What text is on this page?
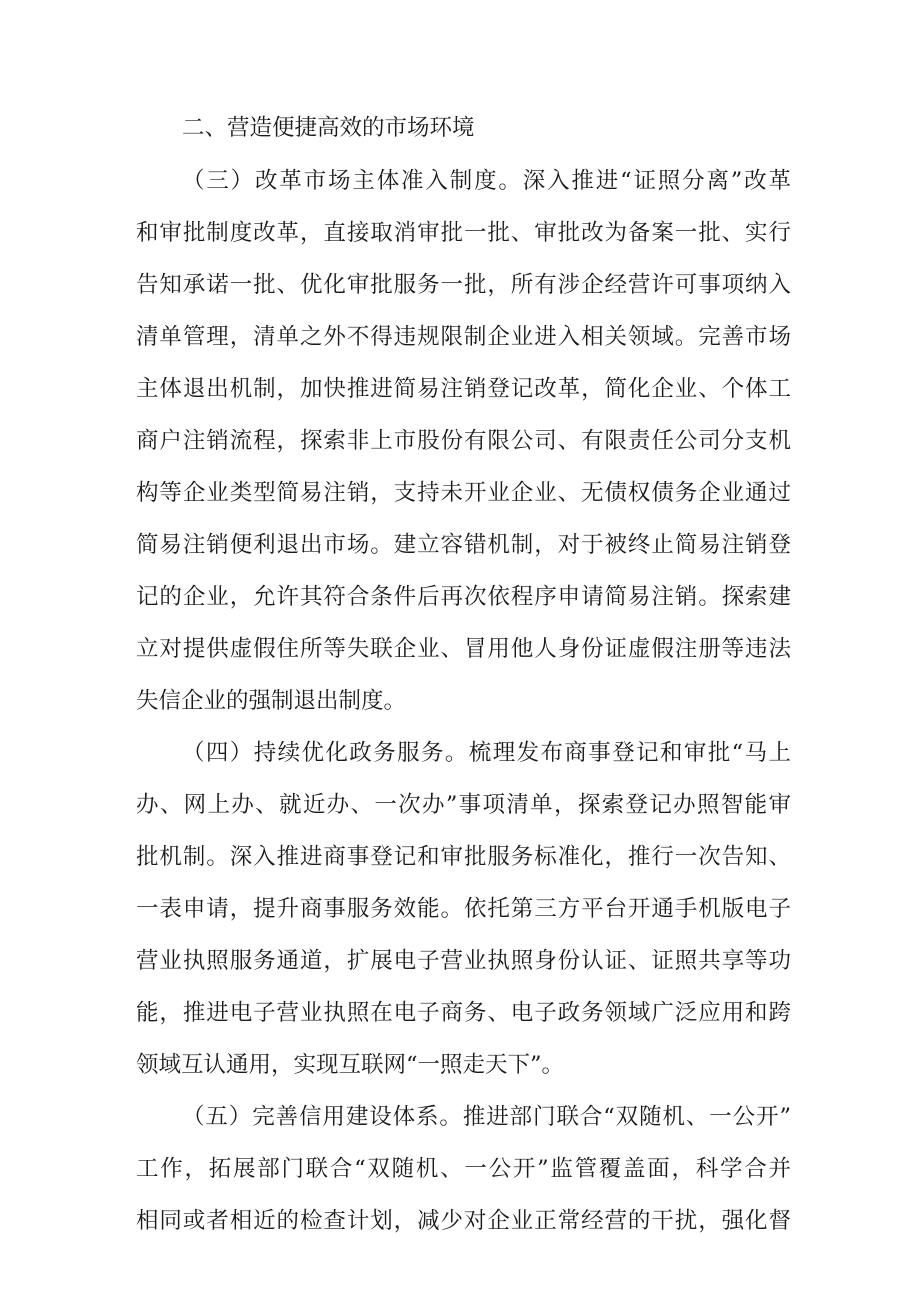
二、营造便捷高效的市场环境
（三）改革市场主体准入制度。深入推进“证照分离”改革
和审批制度改革，直接取消审批一批、审批改为备案一批、实行
告知承诺一批、优化审批服务一批，所有涉企经营许可事项纳入
清单管理，清单之外不得违规限制企业进入相关领域。完善市场
主体退出机制，加快推进简易注销登记改革，简化企业、个体工
商户注销流程，探索非上市股份有限公司、有限责任公司分支机
构等企业类型简易注销，支持未开业企业、无债权债务企业通过
简易注销便利退出市场。建立容错机制，对于被终止简易注销登
记的企业，允许其符合条件后再次依程序申请简易注销。探索建
立对提供虚假住所等失联企业、冒用他人身份证虚假注册等违法
失信企业的强制退出制度。
（四）持续优化政务服务。梳理发布商事登记和审批“马上
办、网上办、就近办、一次办”事项清单，探索登记办照智能审
批机制。深入推进商事登记和审批服务标准化，推行一次告知、
一表申请，提升商事服务效能。依托第三方平台开通手机版电子
营业执照服务通道，扩展电子营业执照身份认证、证照共享等功
能，推进电子营业执照在电子商务、电子政务领域广泛应用和跨
领域互认通用，实现互联网“一照走天下”。
（五）完善信用建设体系。推进部门联合“双随机、一公开”
工作，拓展部门联合“双随机、一公开”监管覆盖面，科学合并
相同或者相近的检查计划，减少对企业正常经营的干扰，强化督
